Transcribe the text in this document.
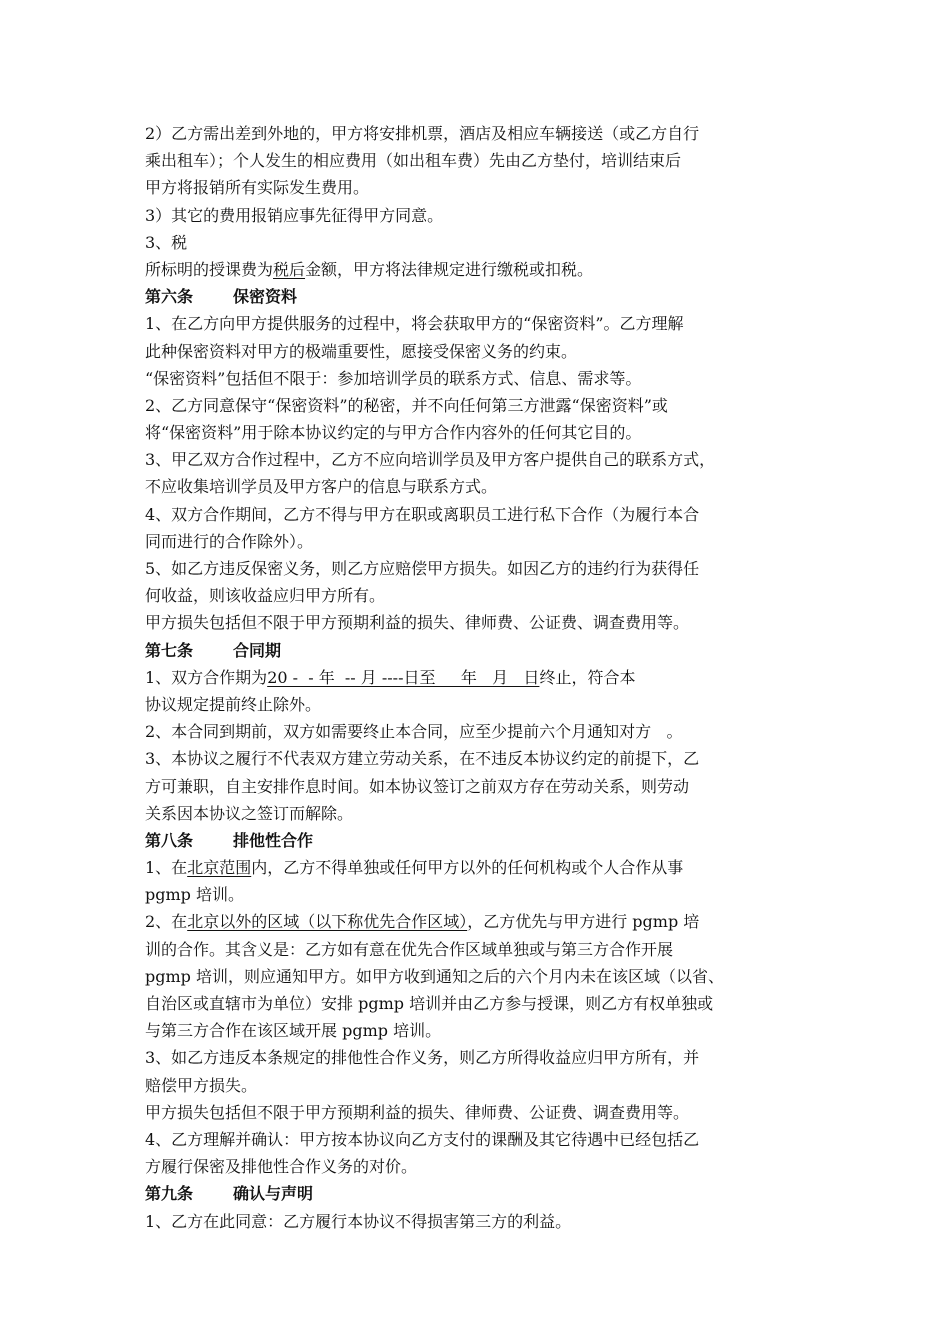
2）乙方需出差到外地的，甲方将安排机票，酒店及相应车辆接送（或乙方自行
乘出租车）；个人发生的相应费用（如出租车费）先由乙方垫付，培训结束后
甲方将报销所有实际发生费用。
3）其它的费用报销应事先征得甲方同意。
3、税
所标明的授课费为税后金额，甲方将法律规定进行缴税或扣税。
第六条	保密资料
1、在乙方向甲方提供服务的过程中，将会获取甲方的“保密资料”。乙方理解
此种保密资料对甲方的极端重要性，愿接受保密义务的约束。
“保密资料”包括但不限于：参加培训学员的联系方式、信息、需求等。
2、乙方同意保守“保密资料”的秘密，并不向任何第三方泄露“保密资料”或
将“保密资料”用于除本协议约定的与甲方合作内容外的任何其它目的。
3、甲乙双方合作过程中，乙方不应向培训学员及甲方客户提供自己的联系方式，
不应收集培训学员及甲方客户的信息与联系方式。
4、双方合作期间，乙方不得与甲方在职或离职员工进行私下合作（为履行本合
同而进行的合作除外）。
5、如乙方违反保密义务，则乙方应赔偿甲方损失。如因乙方的违约行为获得任
何收益，则该收益应归甲方所有。
甲方损失包括但不限于甲方预期利益的损失、律师费、公证费、调查费用等。
第七条	合同期
1、双方合作期为20 -  - 年  -- 月 ----日至     年   月   日终止，符合本
协议规定提前终止除外。
2、本合同到期前，双方如需要终止本合同，应至少提前六个月通知对方   。
3、本协议之履行不代表双方建立劳动关系，在不违反本协议约定的前提下，乙
方可兼职，自主安排作息时间。如本协议签订之前双方存在劳动关系，则劳动
关系因本协议之签订而解除。
第八条	排他性合作
1、在北京范围内，乙方不得单独或任何甲方以外的任何机构或个人合作从事
pgmp 培训。
2、在北京以外的区域（以下称优先合作区域），乙方优先与甲方进行 pgmp 培
训的合作。其含义是：乙方如有意在优先合作区域单独或与第三方合作开展
pgmp 培训，则应通知甲方。如甲方收到通知之后的六个月内未在该区域（以省、
自治区或直辖市为单位）安排 pgmp 培训并由乙方参与授课，则乙方有权单独或
与第三方合作在该区域开展 pgmp 培训。
3、如乙方违反本条规定的排他性合作义务，则乙方所得收益应归甲方所有，并
赔偿甲方损失。
甲方损失包括但不限于甲方预期利益的损失、律师费、公证费、调查费用等。
4、乙方理解并确认：甲方按本协议向乙方支付的课酬及其它待遇中已经包括乙
方履行保密及排他性合作义务的对价。
第九条	确认与声明
1、乙方在此同意：乙方履行本协议不得损害第三方的利益。
